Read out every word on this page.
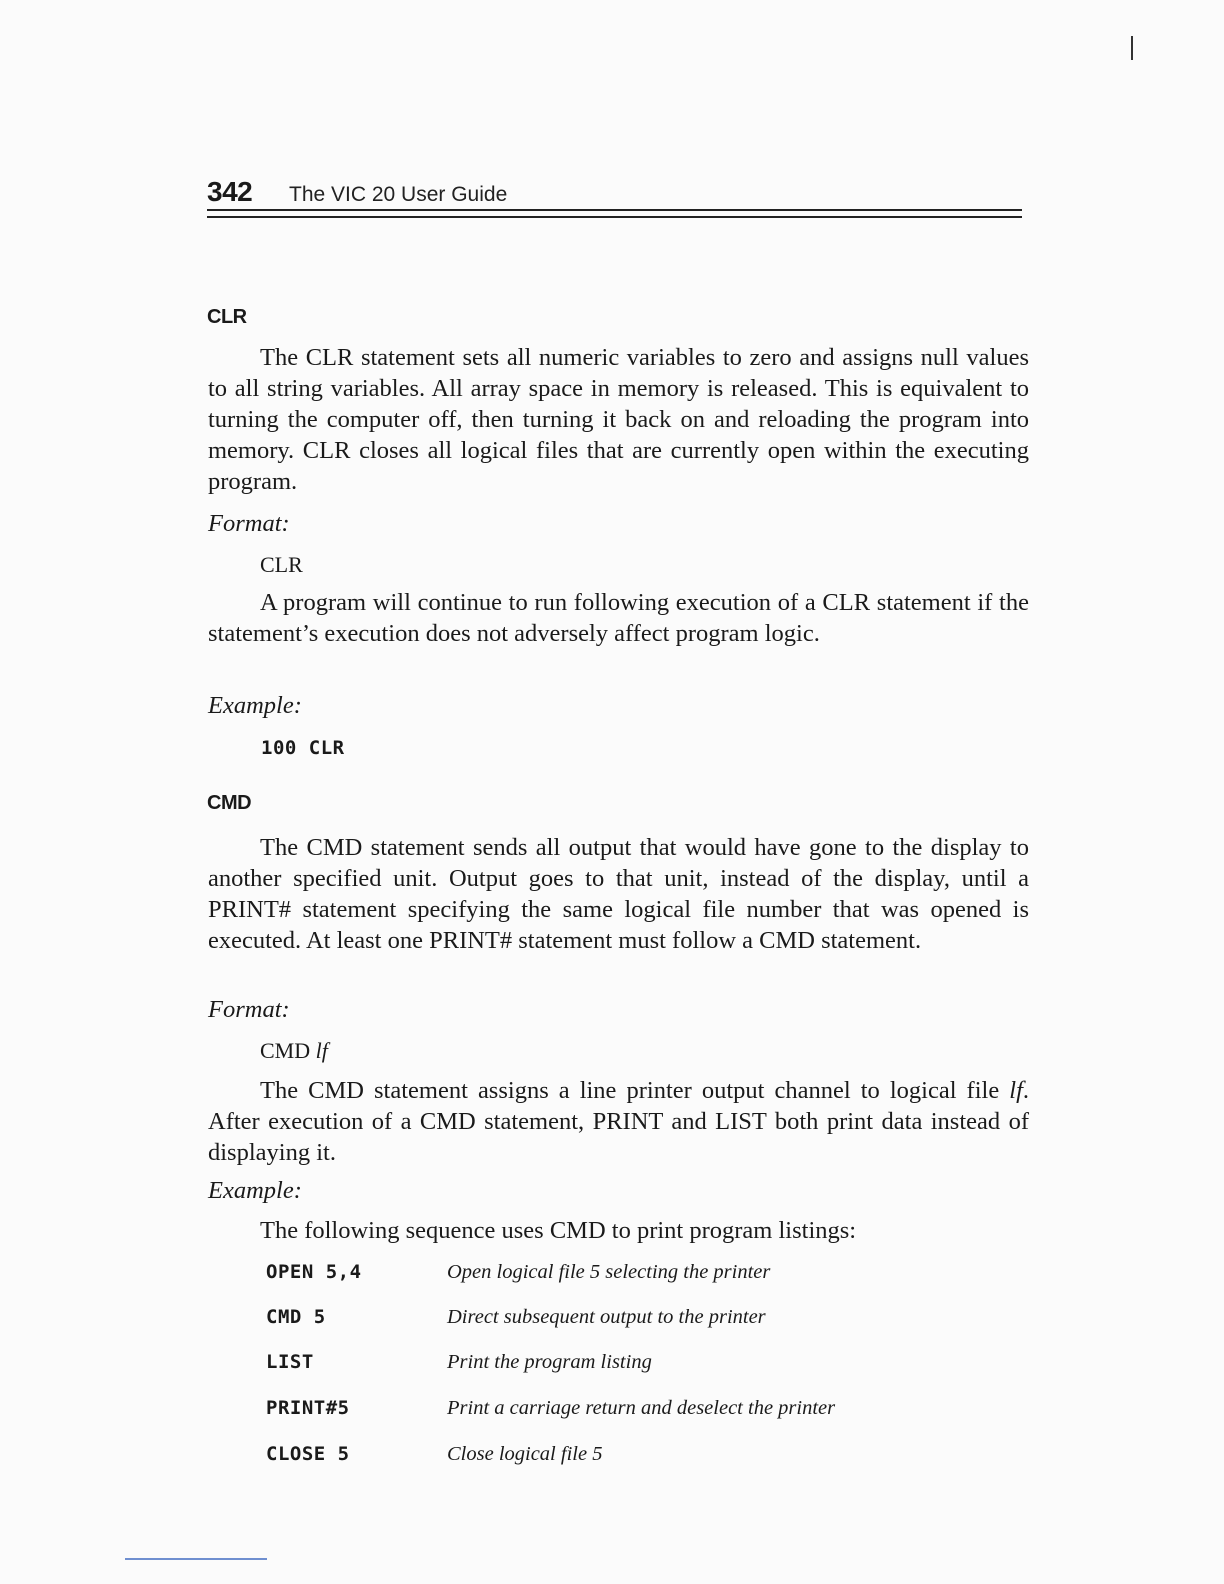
342 The VIC 20 User Guide
CLR

The CLR statement sets all numeric variables to zero and assigns null values to all string variables. All array space in memory is released. This is equivalent to turning the computer off, then turning it back on and reloading the program into memory. CLR closes all logical files that are currently open within the executing program.

Format:
CLR

A program will continue to run following execution of a CLR statement if the statement’s execution does not adversely affect program logic.

Example:
100 CLR
CMD

The CMD statement sends all output that would have gone to the display to another specified unit. Output goes to that unit, instead of the display, until a PRINT# statement specifying the same logical file number that was opened is executed. At least one PRINT# statement must follow a CMD statement.

Format:
CMD lf

The CMD statement assigns a line printer output channel to logical file lf. After execution of a CMD statement, PRINT and LIST both print data instead of displaying it.

Example:
The following sequence uses CMD to print program listings:
OPEN 5,4	Open logical file 5 selecting the printer
CMD 5	Direct subsequent output to the printer
LIST	Print the program listing
PRINT#5	Print a carriage return and deselect the printer
CLOSE 5	Close logical file 5
